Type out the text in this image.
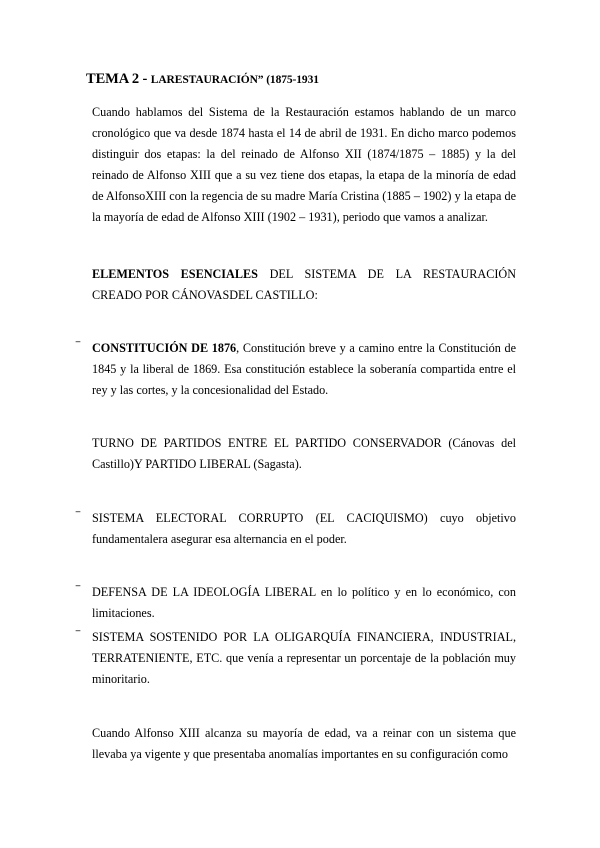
TEMA 2 - LARESTAURACIÓN” (1875-1931

Cuando hablamos del Sistema de la Restauración estamos hablando de un marco cronológico que va desde 1874 hasta el 14 de abril de 1931. En dicho marco podemos distinguir dos etapas: la del reinado de Alfonso XII (1874/1875 – 1885) y la del reinado de Alfonso XIII que a su vez tiene dos etapas, la etapa de la minoría de edad de AlfonsoXIII con la regencia de su madre María Cristina (1885 – 1902) y la etapa de la mayoría de edad de Alfonso XIII (1902 – 1931), periodo que vamos a analizar.

ELEMENTOS ESENCIALES DEL SISTEMA DE LA RESTAURACIÓN CREADO POR CÁNOVASDEL CASTILLO:

‾ CONSTITUCIÓN DE 1876, Constitución breve y a camino entre la Constitución de 1845 y la liberal de 1869. Esa constitución establece la soberanía compartida entre el rey y las cortes, y la concesionalidad del Estado.

TURNO DE PARTIDOS ENTRE EL PARTIDO CONSERVADOR (Cánovas del Castillo)Y PARTIDO LIBERAL (Sagasta).

‾ SISTEMA ELECTORAL CORRUPTO (EL CACIQUISMO) cuyo objetivo fundamentalera asegurar esa alternancia en el poder.

‾ DEFENSA DE LA IDEOLOGÍA LIBERAL en lo político y en lo económico, con limitaciones.

‾ SISTEMA SOSTENIDO POR LA OLIGARQUÍA FINANCIERA, INDUSTRIAL, TERRATENIENTE, ETC. que venía a representar un porcentaje de la población muy minoritario.

Cuando Alfonso XIII alcanza su mayoría de edad, va a reinar con un sistema que llevaba ya vigente y que presentaba anomalías importantes en su configuración como
